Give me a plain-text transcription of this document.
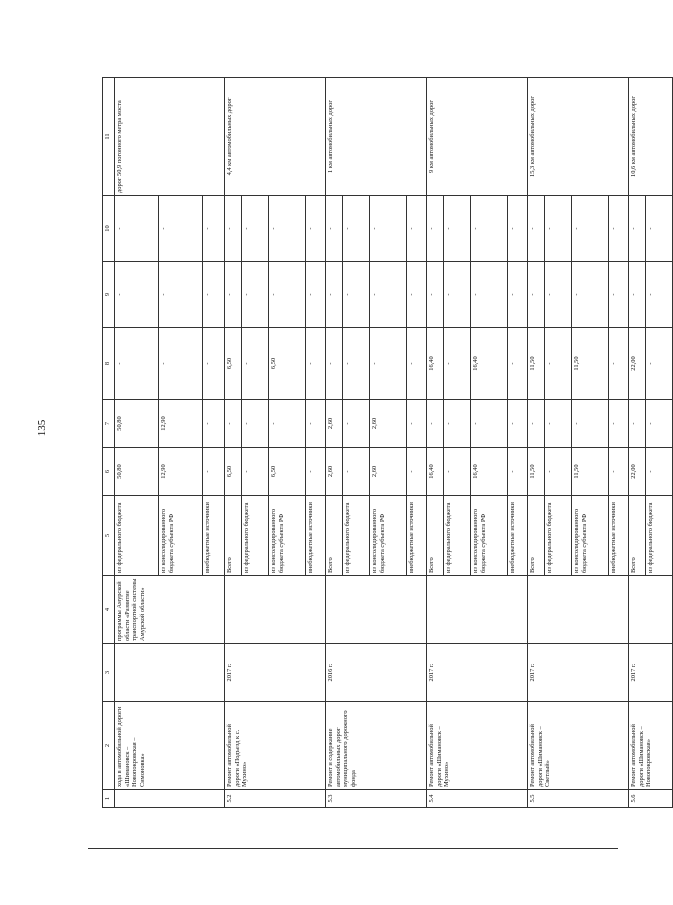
135
1	2	3	4	5	6	7	8	9	10	11
	хода в автомобильной дороги «Шимановск – Новопокровская – Симоновка»		программы Амурской области «Развитие транспортной системы Амурской области»	из федерального бюджета	50,80	50,80	-	-	-	дорог 50,9 погонного метра моста
				из консолидированного бюджета субъекта РФ	12,90	12,90	-	-	-	
				внебюджетные источники	-	-	-	-	-	
5.2	Ремонт автомобильной дороги «Подъезд к с. Мухино»	2017 г.		Всего	6,50	-	6,50	-	-	4,4 км автомобильных дорог
				из федерального бюджета	-	-	-	-	-	
				из консолидированного бюджета субъекта РФ	6,50	-	6,50	-	-	
				внебюджетные источники	-	-	-	-	-	
5.3	Ремонт и содержание автомобильных дорог муниципального дорожного фонда	2016 г.		Всего	2,60	2,60	-	-	-	1 км автомобильных дорог
				из федерального бюджета	-	-	-	-	-	
				из консолидированного бюджета субъекта РФ	2,60	2,60	-	-	-	
				внебюджетные источники	-	-	-	-	-	
5.4	Ремонт автомобильной дороги «Шимановск – Мухино»	2017 г.		Всего	16,40	-	16,40	-	-	9 км автомобильных дорог
				из федерального бюджета	-	-	-	-	-	
				из консолидированного бюджета субъекта РФ	16,40	-	16,40	-	-	
				внебюджетные источники	-	-	-	-	-	
5.5	Ремонт автомобильной дороги «Шимановск – Светлый»	2017 г.		Всего	11,50	-	11,50	-	-	15,3 км автомобильных дорог
				из федерального бюджета	-	-	-	-	-	
				из консолидированного бюджета субъекта РФ	11,50	-	11,50	-	-	
				внебюджетные источники	-	-	-	-	-	
5.6	Ремонт автомобильной дороги «Шимановск – Новопокровская»	2017 г.		Всего	22,00	-	22,00	-	-	10,6 км автомобильных дорог
				из федерального бюджета	-	-	-	-	-	
